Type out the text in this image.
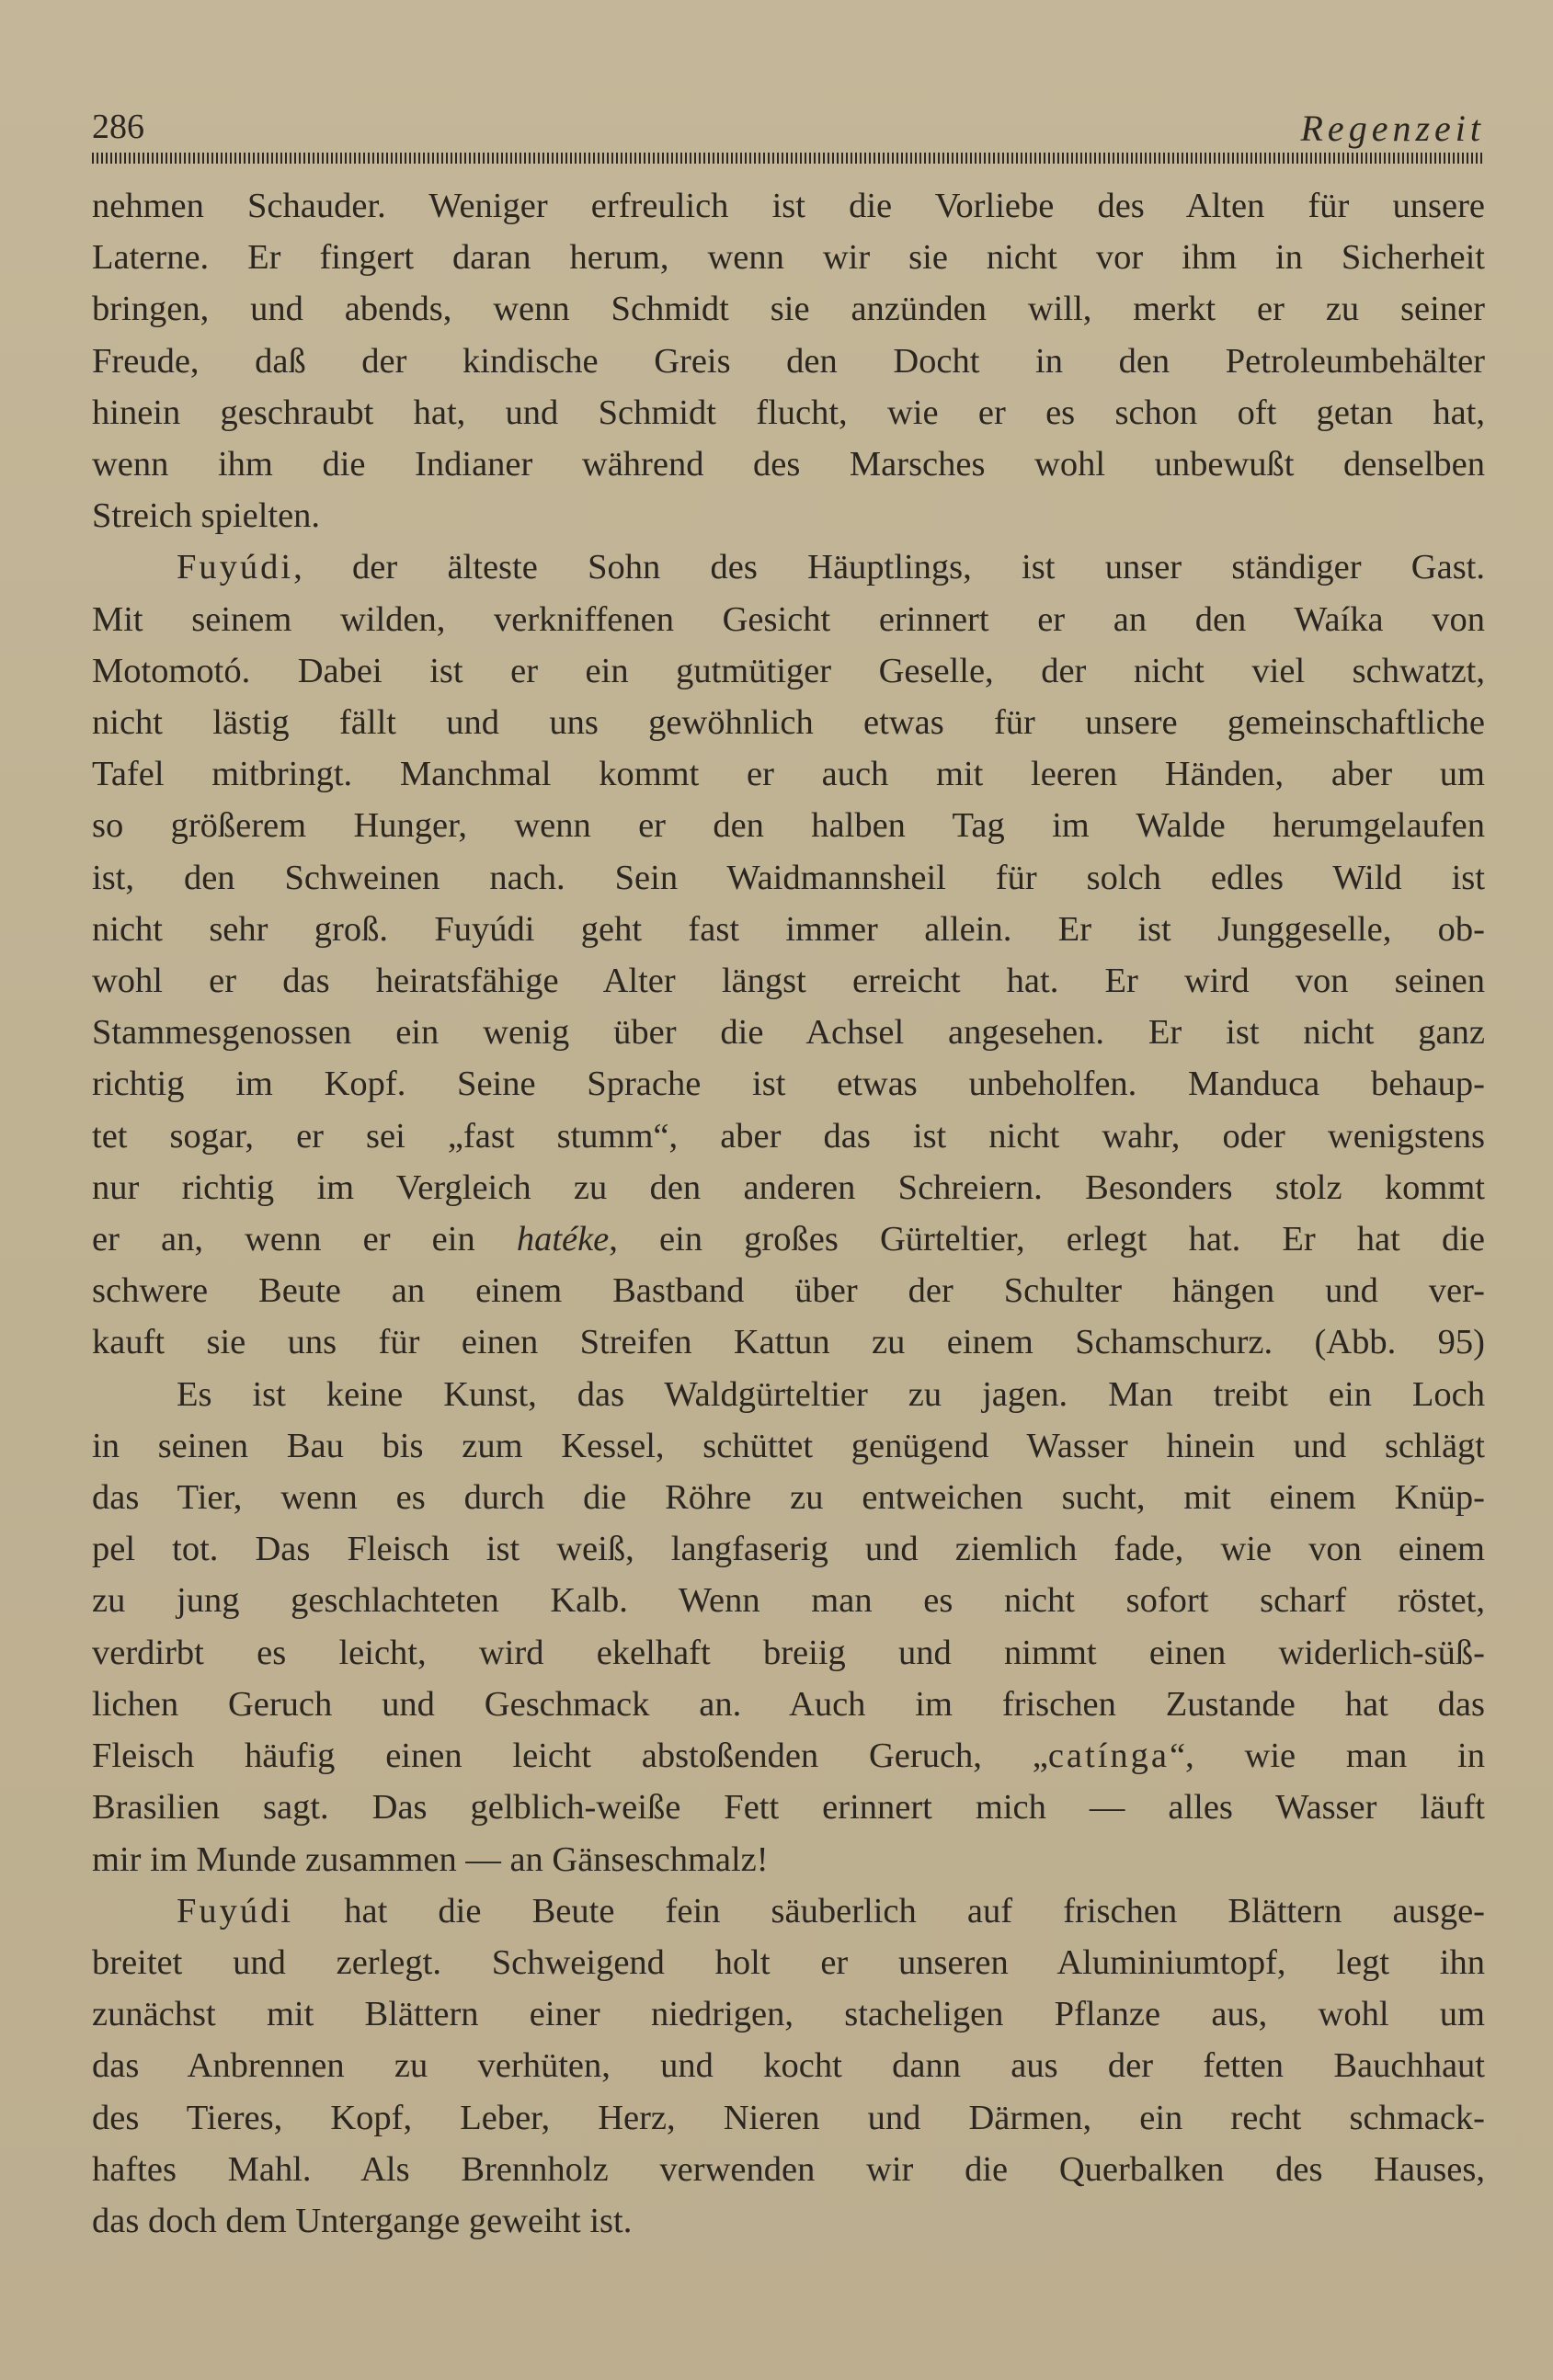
286	Regenzeit

nehmen Schauder. Weniger erfreulich ist die Vorliebe des Alten für unsere
Laterne. Er fingert daran herum, wenn wir sie nicht vor ihm in Sicherheit
bringen, und abends, wenn Schmidt sie anzünden will, merkt er zu seiner
Freude, daß der kindische Greis den Docht in den Petroleumbehälter
hinein geschraubt hat, und Schmidt flucht, wie er es schon oft getan hat,
wenn ihm die Indianer während des Marsches wohl unbewußt denselben
Streich spielten.

Fuyúdi, der älteste Sohn des Häuptlings, ist unser ständiger Gast.
Mit seinem wilden, verkniffenen Gesicht erinnert er an den Waíka von
Motomotó. Dabei ist er ein gutmütiger Geselle, der nicht viel schwatzt,
nicht lästig fällt und uns gewöhnlich etwas für unsere gemeinschaftliche
Tafel mitbringt. Manchmal kommt er auch mit leeren Händen, aber um
so größerem Hunger, wenn er den halben Tag im Walde herumgelaufen
ist, den Schweinen nach. Sein Waidmannsheil für solch edles Wild ist
nicht sehr groß. Fuyúdi geht fast immer allein. Er ist Junggeselle, ob-
wohl er das heiratsfähige Alter längst erreicht hat. Er wird von seinen
Stammesgenossen ein wenig über die Achsel angesehen. Er ist nicht ganz
richtig im Kopf. Seine Sprache ist etwas unbeholfen. Manduca behaup-
tet sogar, er sei „fast stumm“, aber das ist nicht wahr, oder wenigstens
nur richtig im Vergleich zu den anderen Schreiern. Besonders stolz kommt
er an, wenn er ein hatéke, ein großes Gürteltier, erlegt hat. Er hat die
schwere Beute an einem Bastband über der Schulter hängen und ver-
kauft sie uns für einen Streifen Kattun zu einem Schamschurz. (Abb. 95)

Es ist keine Kunst, das Waldgürteltier zu jagen. Man treibt ein Loch
in seinen Bau bis zum Kessel, schüttet genügend Wasser hinein und schlägt
das Tier, wenn es durch die Röhre zu entweichen sucht, mit einem Knüp-
pel tot. Das Fleisch ist weiß, langfaserig und ziemlich fade, wie von einem
zu jung geschlachteten Kalb. Wenn man es nicht sofort scharf röstet,
verdirbt es leicht, wird ekelhaft breiig und nimmt einen widerlich-süß-
lichen Geruch und Geschmack an. Auch im frischen Zustande hat das
Fleisch häufig einen leicht abstoßenden Geruch, „catínga“, wie man in
Brasilien sagt. Das gelblich-weiße Fett erinnert mich — alles Wasser läuft
mir im Munde zusammen — an Gänseschmalz!

Fuyúdi hat die Beute fein säuberlich auf frischen Blättern ausge-
breitet und zerlegt. Schweigend holt er unseren Aluminiumtopf, legt ihn
zunächst mit Blättern einer niedrigen, stacheligen Pflanze aus, wohl um
das Anbrennen zu verhüten, und kocht dann aus der fetten Bauchhaut
des Tieres, Kopf, Leber, Herz, Nieren und Därmen, ein recht schmack-
haftes Mahl. Als Brennholz verwenden wir die Querbalken des Hauses,
das doch dem Untergange geweiht ist.
